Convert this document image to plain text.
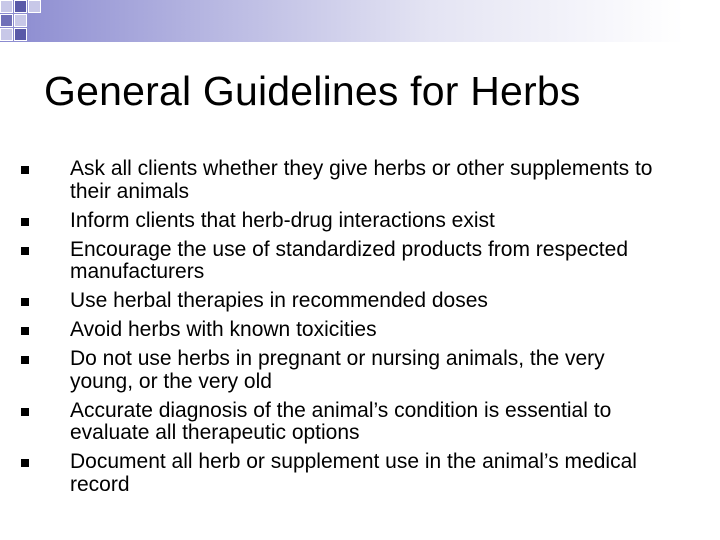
General Guidelines for Herbs
Ask all clients whether they give herbs or other supplements to their animals
Inform clients that herb-drug interactions exist
Encourage the use of standardized products from respected manufacturers
Use herbal therapies in recommended doses
Avoid herbs with known toxicities
Do not use herbs in pregnant or nursing animals, the very young, or the very old
Accurate diagnosis of the animal’s condition is essential to evaluate all therapeutic options
Document all herb or supplement use in the animal’s medical record
